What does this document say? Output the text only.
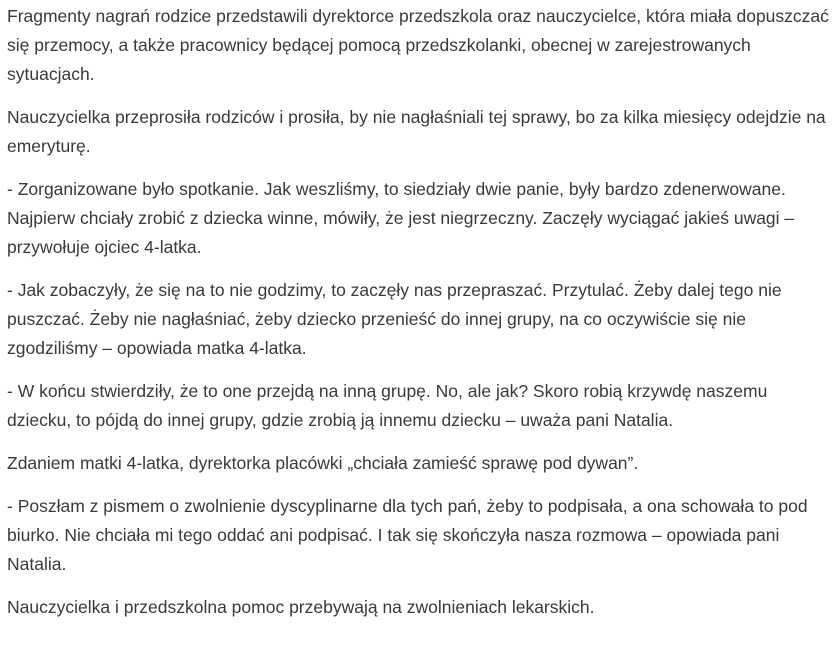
Fragmenty nagrań rodzice przedstawili dyrektorce przedszkola oraz nauczycielce, która miała dopuszczać się przemocy, a także pracownicy będącej pomocą przedszkolanki, obecnej w zarejestrowanych sytuacjach.

Nauczycielka przeprosiła rodziców i prosiła, by nie nagłaśniali tej sprawy, bo za kilka miesięcy odejdzie na emeryturę.

- Zorganizowane było spotkanie. Jak weszliśmy, to siedziały dwie panie, były bardzo zdenerwowane. Najpierw chciały zrobić z dziecka winne, mówiły, że jest niegrzeczny. Zaczęły wyciągać jakieś uwagi – przywołuje ojciec 4-latka.

- Jak zobaczyły, że się na to nie godzimy, to zaczęły nas przepraszać. Przytulać. Żeby dalej tego nie puszczać. Żeby nie nagłaśniać, żeby dziecko przenieść do innej grupy, na co oczywiście się nie zgodziliśmy – opowiada matka 4-latka.

- W końcu stwierdziły, że to one przejdą na inną grupę. No, ale jak? Skoro robią krzywdę naszemu dziecku, to pójdą do innej grupy, gdzie zrobią ją innemu dziecku – uważa pani Natalia.

Zdaniem matki 4-latka, dyrektorka placówki „chciała zamieść sprawę pod dywan”.

- Poszłam z pismem o zwolnienie dyscyplinarne dla tych pań, żeby to podpisała, a ona schowała to pod biurko. Nie chciała mi tego oddać ani podpisać. I tak się skończyła nasza rozmowa – opowiada pani Natalia.

Nauczycielka i przedszkolna pomoc przebywają na zwolnieniach lekarskich.
